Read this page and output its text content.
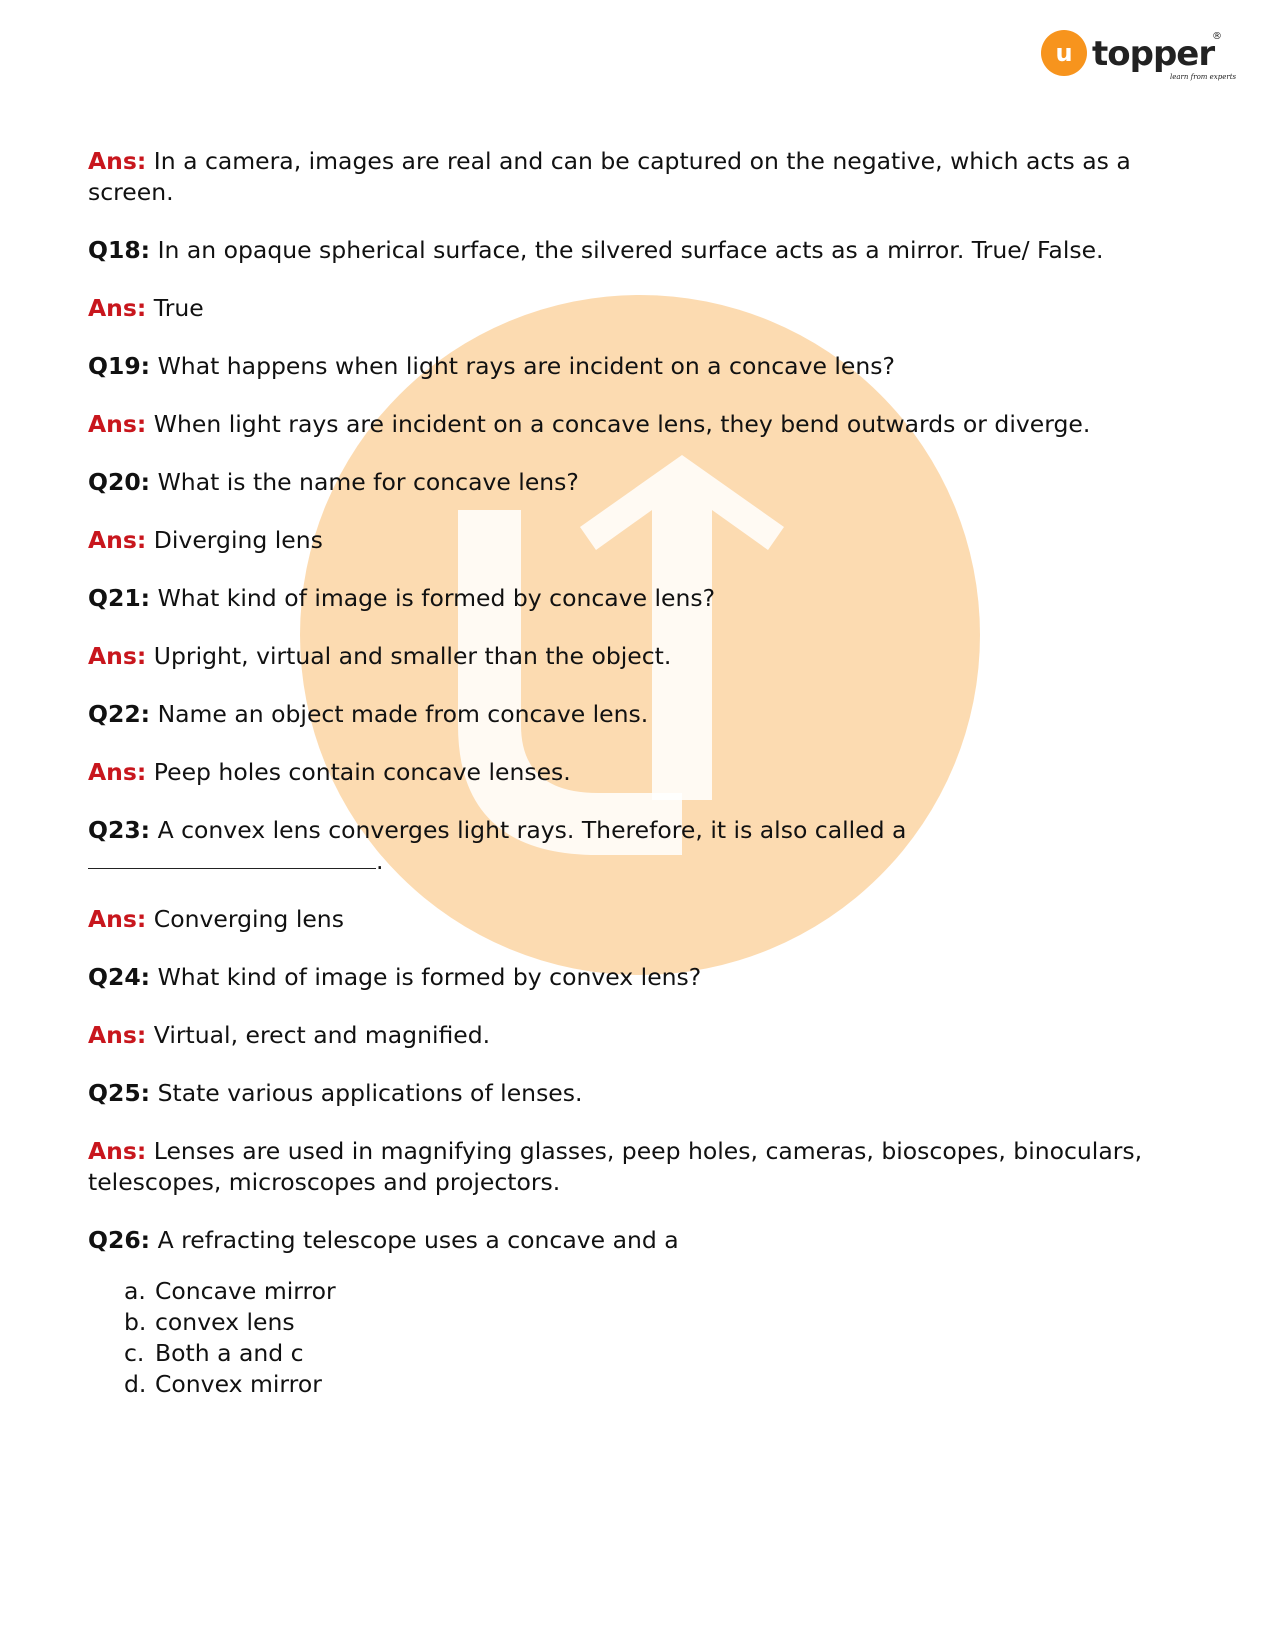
u topper
®
learn from experts

Ans: In a camera, images are real and can be captured on the negative, which acts as a screen.

Q18: In an opaque spherical surface, the silvered surface acts as a mirror. True/ False.

Ans: True

Q19: What happens when light rays are incident on a concave lens?

Ans: When light rays are incident on a concave lens, they bend outwards or diverge.

Q20: What is the name for concave lens?

Ans: Diverging lens

Q21: What kind of image is formed by concave lens?

Ans: Upright, virtual and smaller than the object.

Q22: Name an object made from concave lens.

Ans: Peep holes contain concave lenses.

Q23: A convex lens converges light rays. Therefore, it is also called a
.

Ans: Converging lens

Q24: What kind of image is formed by convex lens?

Ans: Virtual, erect and magnified.

Q25: State various applications of lenses.

Ans: Lenses are used in magnifying glasses, peep holes, cameras, bioscopes, binoculars, telescopes, microscopes and projectors.

Q26: A refracting telescope uses a concave and a

a. Concave mirror
b. convex lens
c. Both a and c
d. Convex mirror
